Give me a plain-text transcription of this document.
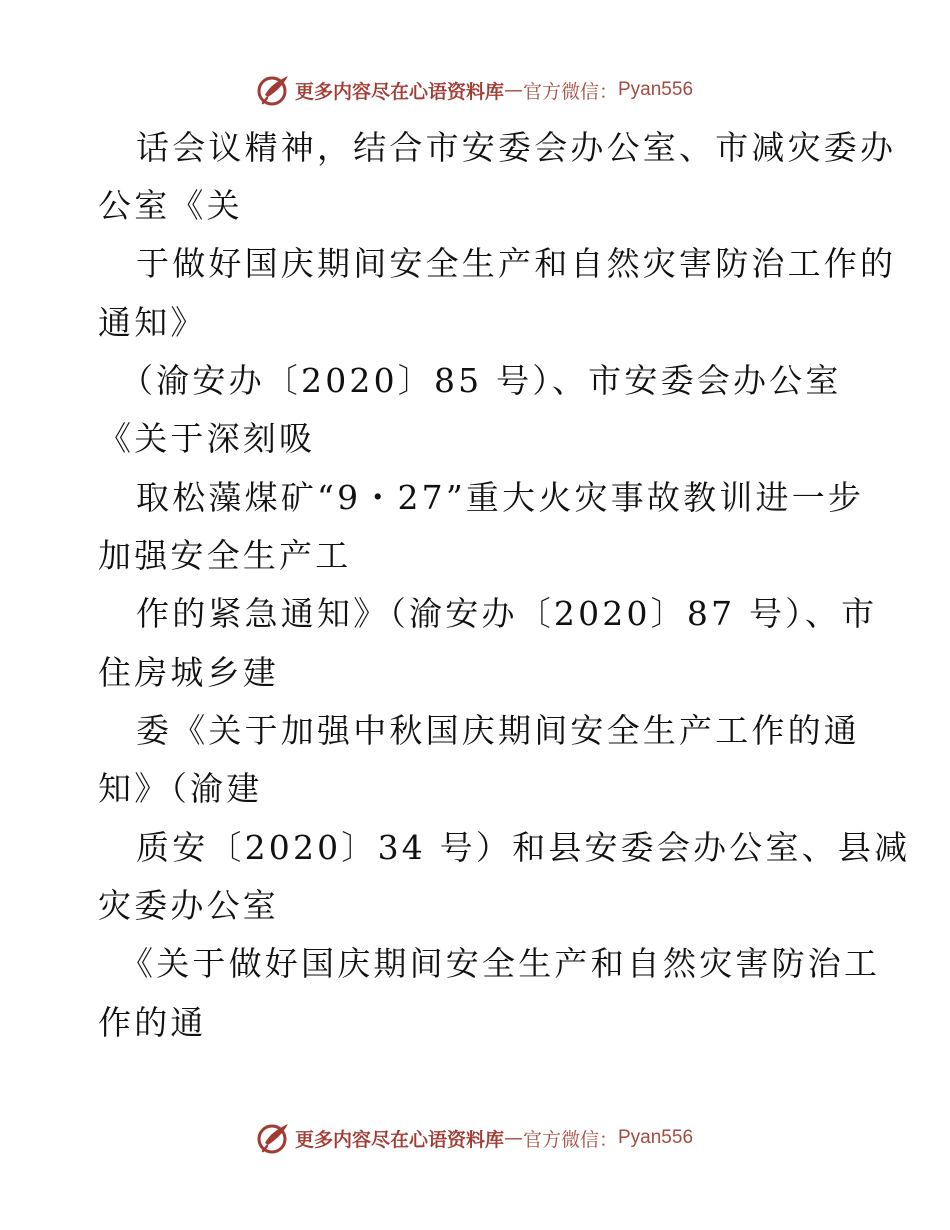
更多内容尽在心语资料库 — 官方微信： Pyan556
话会议精神，结合市安委会办公室、市减灾委办
公室《关
于做好国庆期间安全生产和自然灾害防治工作的
通知》
（渝安办〔2020〕85 号）、市安委会办公室
《关于深刻吸
取松藻煤矿“9・27”重大火灾事故教训进一步
加强安全生产工
作的紧急通知》（渝安办〔2020〕87 号）、市
住房城乡建
委《关于加强中秋国庆期间安全生产工作的通
知》（渝建
质安〔2020〕34 号）和县安委会办公室、县减
灾委办公室
《关于做好国庆期间安全生产和自然灾害防治工
作的通
更多内容尽在心语资料库 — 官方微信： Pyan556
